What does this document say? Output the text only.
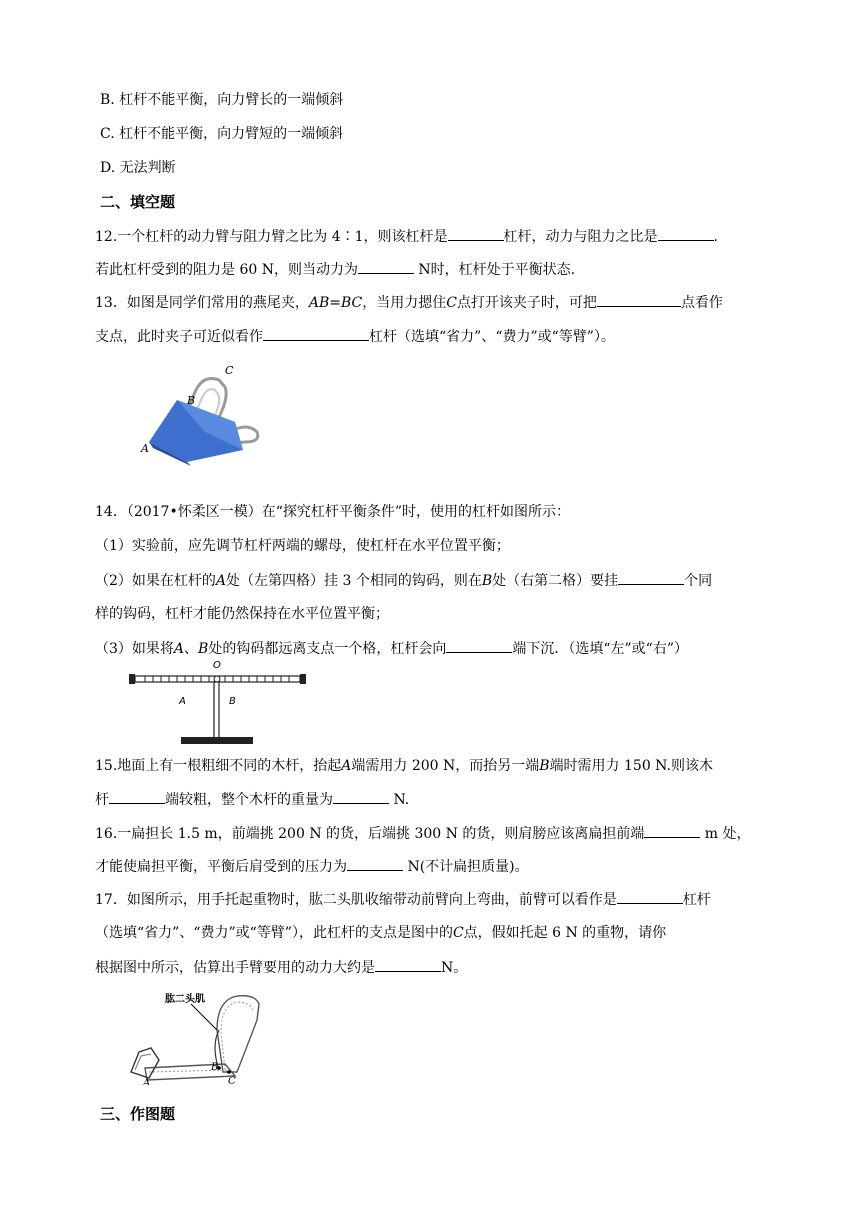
B. 杠杆不能平衡，向力臂长的一端倾斜
C. 杠杆不能平衡，向力臂短的一端倾斜
D. 无法判断
二、填空题
12.一个杠杆的动力臂与阻力臂之比为 4∶1，则该杠杆是	杠杆，动力与阻力之比是	.
若此杠杆受到的阻力是 60 N，则当动力为	N时，杠杆处于平衡状态.
13．如图是同学们常用的燕尾夹，AB=BC，当用力摁住C点打开该夹子时，可把	点看作
支点，此时夹子可近似看作	杠杆（选填“省力”、“费力”或“等臂”）。
C
B
A
14．（2017•怀柔区一模）在“探究杠杆平衡条件”时，使用的杠杆如图所示：
（1）实验前，应先调节杠杆两端的螺母，使杠杆在水平位置平衡；
（2）如果在杠杆的A处（左第四格）挂 3 个相同的钩码，则在B处（右第二格）要挂	个同
样的钩码，杠杆才能仍然保持在水平位置平衡；
（3）如果将A、B处的钩码都远离支点一个格，杠杆会向	端下沉．（选填“左”或“右”）
O
A	B
15.地面上有一根粗细不同的木杆，抬起A端需用力 200 N，而抬另一端B端时需用力 150 N.则该木
杆	端较粗，整个木杆的重量为	N.
16.一扁担长 1.5 m，前端挑 200 N 的货，后端挑 300 N 的货，则肩膀应该离扁担前端	m 处，
才能使扁担平衡，平衡后肩受到的压力为	N(不计扁担质量)。
17．如图所示，用手托起重物时，肱二头肌收缩带动前臂向上弯曲，前臂可以看作是	杠杆
（选填“省力”、“费力”或“等臂”），此杠杆的支点是图中的C点，假如托起 6 N 的重物，请你
根据图中所示，估算出手臂要用的动力大约是	N。
肱二头肌
A
B
C
三、作图题
